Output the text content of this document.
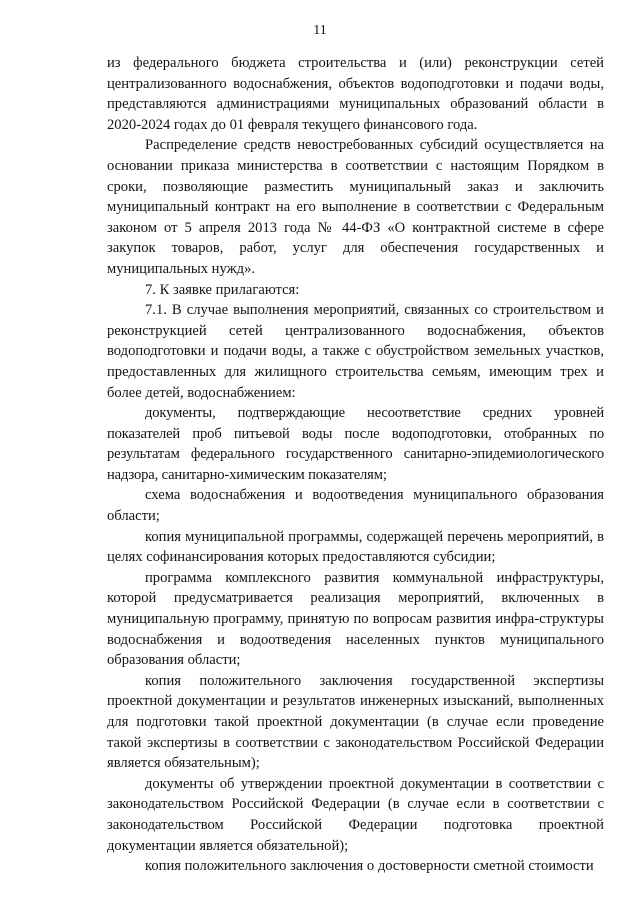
11

из федерального бюджета строительства и (или) реконструкции сетей централизованного водоснабжения, объектов водоподготовки и подачи воды, представляются администрациями муниципальных образований области в 2020-2024 годах до 01 февраля текущего финансового года.

Распределение средств невостребованных субсидий осуществляется на основании приказа министерства в соответствии с настоящим Порядком в сроки, позволяющие разместить муниципальный заказ и заключить муниципальный контракт на его выполнение в соответствии с Федеральным законом от 5 апреля 2013 года № 44-ФЗ «О контрактной системе в сфере закупок товаров, работ, услуг для обеспечения государственных и муниципальных нужд».

7. К заявке прилагаются:

7.1. В случае выполнения мероприятий, связанных со строительством и реконструкцией сетей централизованного водоснабжения, объектов водоподготовки и подачи воды, а также с обустройством земельных участков, предоставленных для жилищного строительства семьям, имеющим трех и более детей, водоснабжением:

документы, подтверждающие несоответствие средних уровней показателей проб питьевой воды после водоподготовки, отобранных по результатам федерального государственного санитарно-эпидемиологического надзора, санитарно-химическим показателям;

схема водоснабжения и водоотведения муниципального образования области;

копия муниципальной программы, содержащей перечень мероприятий, в целях софинансирования которых предоставляются субсидии;

программа комплексного развития коммунальной инфраструктуры, которой предусматривается реализация мероприятий, включенных в муниципальную программу, принятую по вопросам развития инфра-структуры водоснабжения и водоотведения населенных пунктов муниципального образования области;

копия положительного заключения государственной экспертизы проектной документации и результатов инженерных изысканий, выполненных для подготовки такой проектной документации (в случае если проведение такой экспертизы в соответствии с законодательством Российской Федерации является обязательным);

документы об утверждении проектной документации в соответствии с законодательством Российской Федерации (в случае если в соответствии с законодательством Российской Федерации подготовка проектной документации является обязательной);

копия положительного заключения о достоверности сметной стоимости
